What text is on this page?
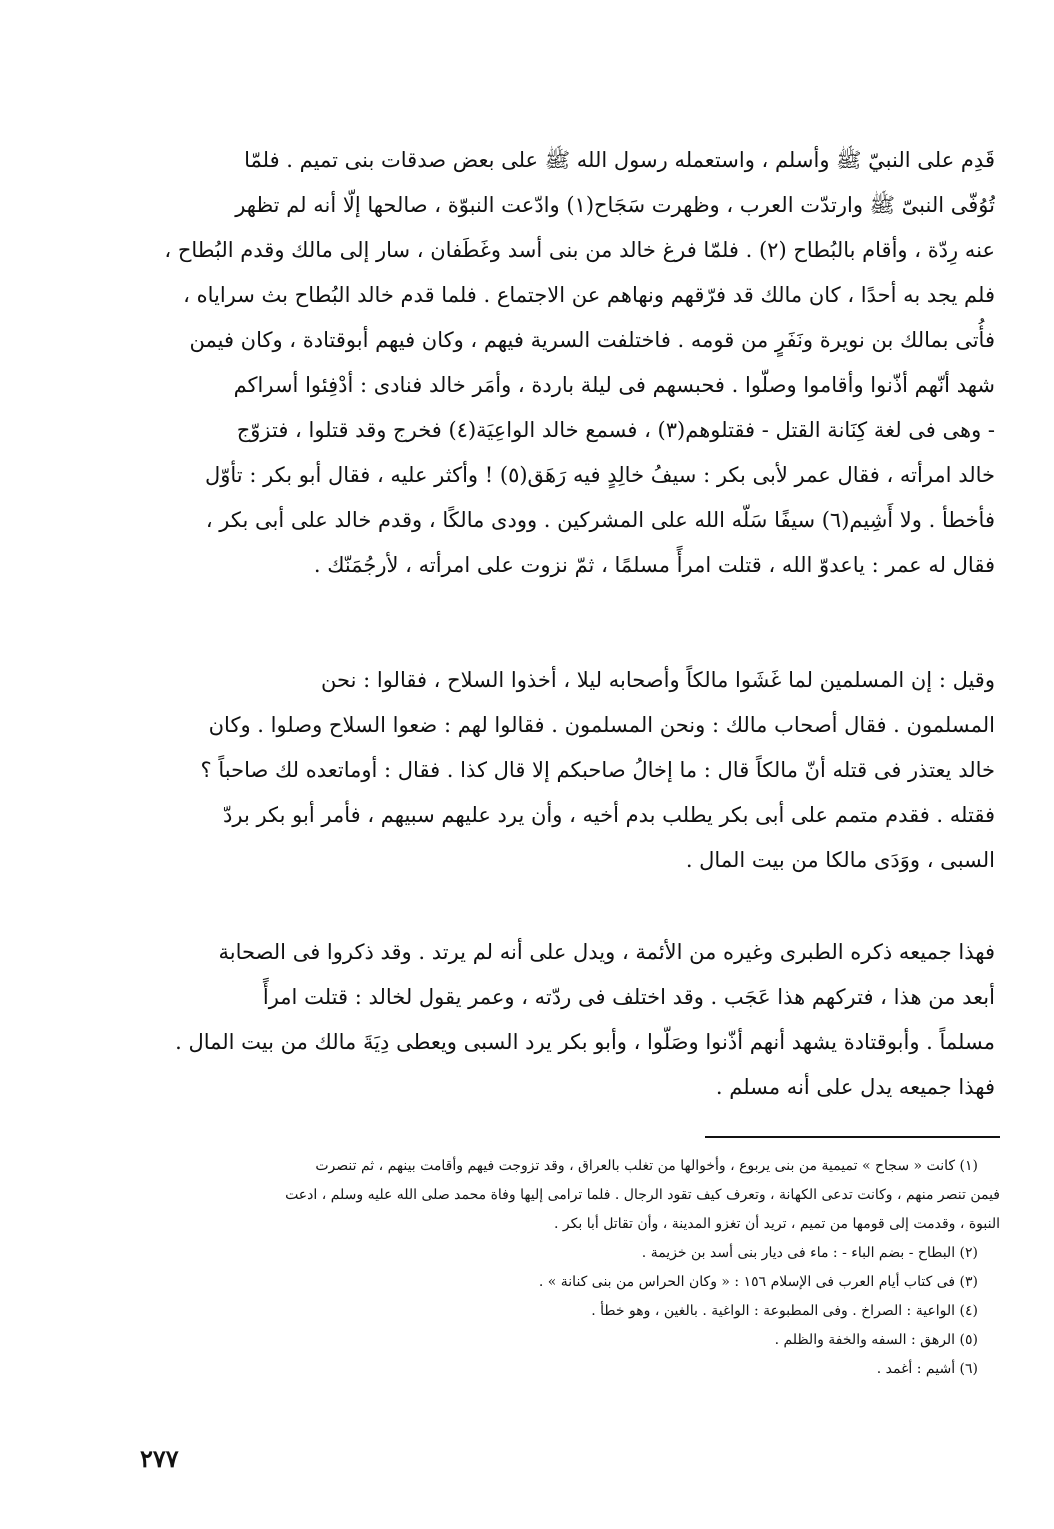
قَدِم على النبيّ ﷺ وأسلم ، واستعمله رسول الله ﷺ على بعض صدقات بنى تميم . فلمّا
تُوُفّى النبىّ ﷺ وارتدّت العرب ، وظهرت سَجَاح(١) وادّعت النبوّة ، صالحها إلّا أنه لم تظهر
عنه رِدّة ، وأقام بالبُطاح (٢) . فلمّا فرغ خالد من بنى أسد وغَطَفان ، سار إلى مالك وقدم البُطاح ،
فلم يجد به أحدًا ، كان مالك قد فرّقهم ونهاهم عن الاجتماع . فلما قدم خالد البُطاح بث سراياه ،
فأُتى بمالك بن نويرة ونَفَرٍ من قومه . فاختلفت السرية فيهم ، وكان فيهم أبوقتادة ، وكان فيمن
شهد أنّهم أذّنوا وأقاموا وصلّوا . فحبسهم فى ليلة باردة ، وأمَر خالد فنادى : أدْفِئوا أسراكم
- وهى فى لغة كِنَانة القتل - فقتلوهم(٣) ، فسمع خالد الواعِيَة(٤) فخرج وقد قتلوا ، فتزوّج
خالد امرأته ، فقال عمر لأبى بكر : سيفُ خالِدٍ فيه رَهَق(٥) ! وأكثر عليه ، فقال أبو بكر : تأوّل
فأخطأ . ولا أَشِيم(٦) سيفًا سَلّه الله على المشركين . وودى مالكًا ، وقدم خالد على أبى بكر ،
فقال له عمر : ياعدوّ الله ، قتلت امرأً مسلمًا ، ثمّ نزوت على امرأته ، لأرجُمَنّك .
وقيل : إن المسلمين لما غَشَوا مالكاً وأصحابه ليلا ، أخذوا السلاح ، فقالوا : نحن
المسلمون . فقال أصحاب مالك : ونحن المسلمون . فقالوا لهم : ضعوا السلاح وصلوا . وكان
خالد يعتذر فى قتله أنّ مالكاً قال : ما إخالُ صاحبكم إلا قال كذا . فقال : أوماتعده لك صاحباً ؟
فقتله . فقدم متمم على أبى بكر يطلب بدم أخيه ، وأن يرد عليهم سبيهم ، فأمر أبو بكر بردّ
السبى ، ووَدَى مالكا من بيت المال .
فهذا جميعه ذكره الطبرى وغيره من الأئمة ، ويدل على أنه لم يرتد . وقد ذكروا فى الصحابة
أبعد من هذا ، فتركهم هذا عَجَب . وقد اختلف فى ردّته ، وعمر يقول لخالد : قتلت امرأً
مسلماً . وأبوقتادة يشهد أنهم أذّنوا وصَلّوا ، وأبو بكر يرد السبى ويعطى دِيَةَ مالك من بيت المال .
فهذا جميعه يدل على أنه مسلم .
(١) كانت « سجاح » تميمية من بنى يربوع ، وأخوالها من تغلب بالعراق ، وقد تزوجت فيهم وأقامت بينهم ، ثم تنصرت
فيمن تنصر منهم ، وكانت تدعى الكهانة ، وتعرف كيف تقود الرجال . فلما ترامى إليها وفاة محمد صلى الله عليه وسلم ، ادعت
النبوة ، وقدمت إلى قومها من تميم ، تريد أن تغزو المدينة ، وأن تقاتل أبا بكر .
(٢) البطاح - بضم الباء - : ماء فى ديار بنى أسد بن خزيمة .
(٣) فى كتاب أيام العرب فى الإسلام ١٥٦ : « وكان الحراس من بنى كنانة » .
(٤) الواعية : الصراخ . وفى المطبوعة : الواغية . بالغين ، وهو خطأ .
(٥) الرهق : السفه والخفة والظلم .
(٦) أشيم : أغمد .
٢٧٧
